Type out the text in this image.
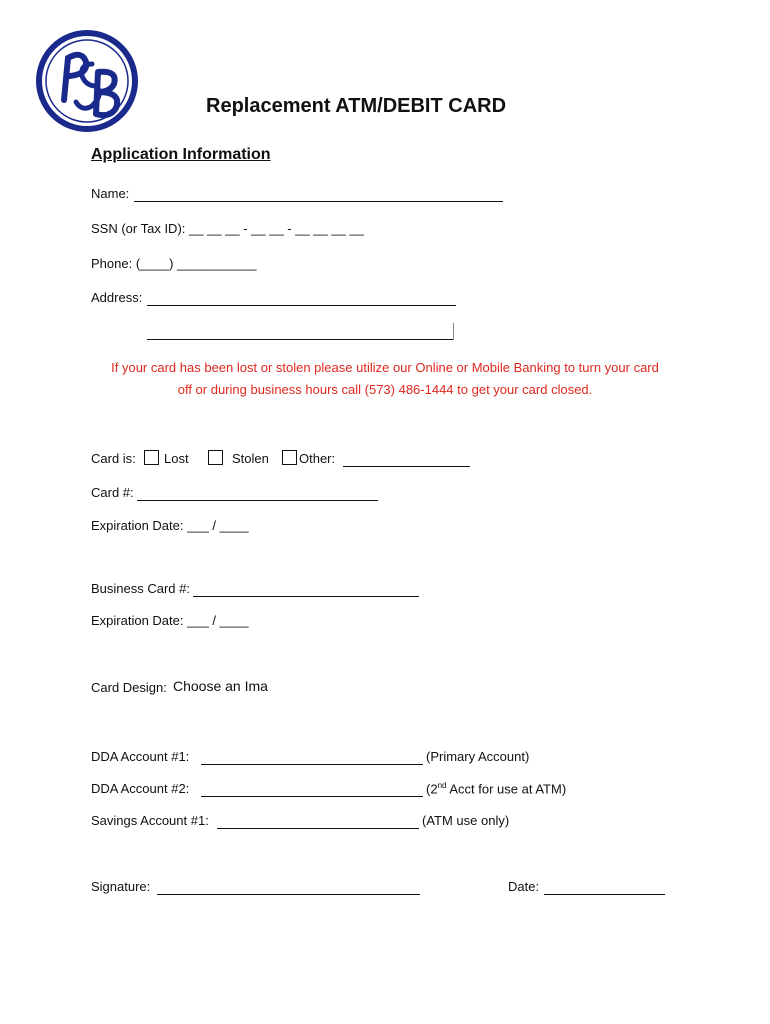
Replacement ATM/DEBIT CARD
Application Information
Name:
SSN (or Tax ID): __ __ __ - __ __ - __ __ __ __
Phone: (____) ___________
Address:
If your card has been lost or stolen please utilize our Online or Mobile Banking to turn your card
off or during business hours call (573) 486-1444 to get your card closed.
Card is: Lost	Stolen Other:
Card #:
Expiration Date: ___ / ____
Business Card #:
Expiration Date: ___ / ____
Card Design: Choose an Ima
DDA Account #1:	(Primary Account)
DDA Account #2:	(2nd Acct for use at ATM)
Savings Account #1:	(ATM use only)
Signature:	Date:
